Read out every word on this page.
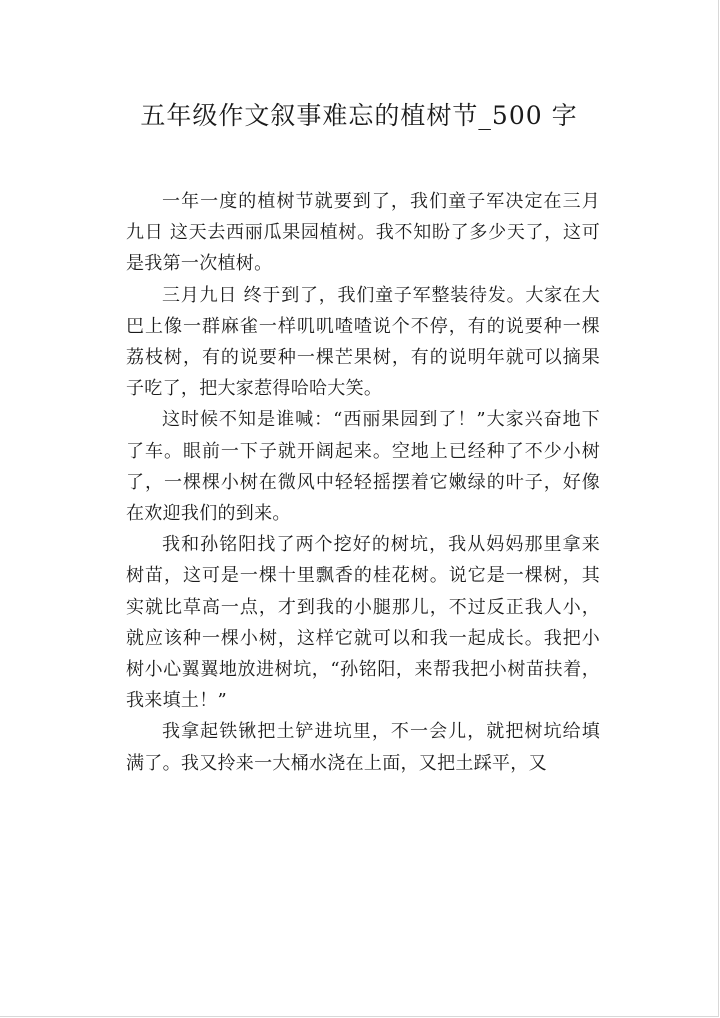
五年级作文叙事难忘的植树节_500 字

一年一度的植树节就要到了，我们童子军决定在三月九日 这天去西丽瓜果园植树。我不知盼了多少天了，这可是我第一次植树。

三月九日 终于到了，我们童子军整装待发。大家在大巴上像一群麻雀一样叽叽喳喳说个不停，有的说要种一棵荔枝树，有的说要种一棵芒果树，有的说明年就可以摘果子吃了，把大家惹得哈哈大笑。

这时候不知是谁喊：“西丽果园到了！”大家兴奋地下了车。眼前一下子就开阔起来。空地上已经种了不少小树了，一棵棵小树在微风中轻轻摇摆着它嫩绿的叶子，好像在欢迎我们的到来。

我和孙铭阳找了两个挖好的树坑，我从妈妈那里拿来树苗，这可是一棵十里飘香的桂花树。说它是一棵树，其实就比草高一点，才到我的小腿那儿，不过反正我人小，就应该种一棵小树，这样它就可以和我一起成长。我把小树小心翼翼地放进树坑，“孙铭阳，来帮我把小树苗扶着，我来填土！”

我拿起铁锹把土铲进坑里，不一会儿，就把树坑给填满了。我又拎来一大桶水浇在上面，又把土踩平，又
